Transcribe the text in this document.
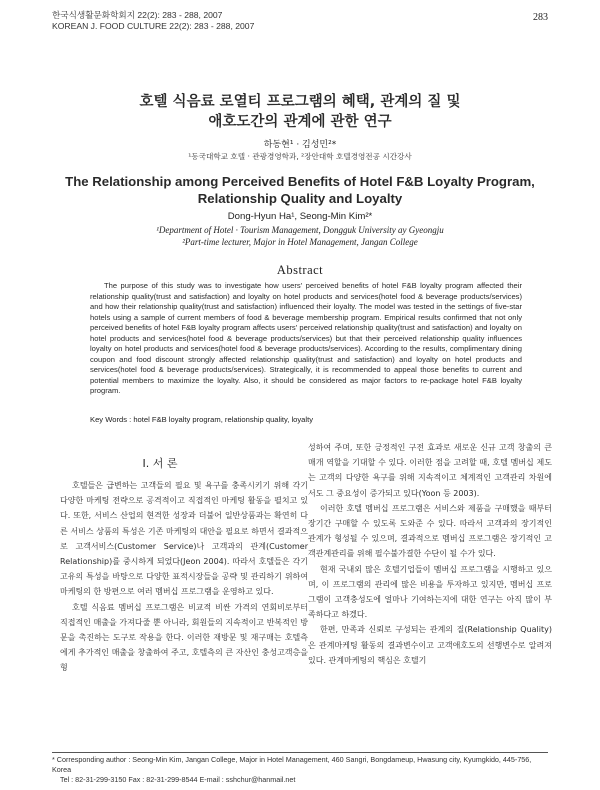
한국식생활문화학회지 22(2): 283 - 288, 2007
KOREAN J. FOOD CULTURE 22(2): 283 - 288, 2007
283
호텔 식음료 로열티 프로그램의 혜택, 관계의 질 및
애호도간의 관계에 관한 연구
하동현¹ · 김성민²*
¹동국대학교 호텔 · 관광경영학과, ²장안대학 호텔경영전공 시간강사
The Relationship among Perceived Benefits of Hotel F&B Loyalty Program,
Relationship Quality and Loyalty
Dong-Hyun Ha¹, Seong-Min Kim²*
¹Department of Hotel · Tourism Management, Dongguk University ay Gyeongju
²Part-time lecturer, Major in Hotel Management, Jangan College
Abstract

The purpose of this study was to investigate how users' perceived benefits of hotel F&B loyalty program affected their relationship quality(trust and satisfaction) and loyalty on hotel products and services(hotel food & beverage products/services) and how their relationship quality(trust and satisfaction) influenced their loyalty. The model was tested in the settings of five-star hotels using a sample of current members of food & beverage membership program. Empirical results confirmed that not only perceived benefits of hotel F&B loyalty program affects users' perceived relationship quality(trust and satisfaction) and loyalty on hotel products and services(hotel food & beverage products/services) but that their perceived relationship quality influences loyalty on hotel products and services(hotel food & beverage products/services). According to the results, complimentary dining coupon and food discount strongly affected relationship quality(trust and satisfaction) and loyalty on hotel products and services(hotel food & beverage products/services). Strategically, it is recommended to appeal those benefits to current and potential members to maximize the loyalty. Also, it should be considered as major factors to re-package hotel F&B loyalty program.

Key Words : hotel F&B loyalty program, relationship quality, loyalty
Ⅰ. 서 론

호텔들은 급변하는 고객들의 필요 및 욕구를 충족시키기 위해 각기 다양한 마케팅 전략으로 공격적이고 직접적인 마케팅 활동을 펼치고 있다. 또한, 서비스 산업의 현격한 성장과 더불어 일반상품과는 확연히 다른 서비스 상품의 특성은 기존 마케팅의 대안을 필요로 하면서 결과적으로 고객서비스(Customer Service)나 고객과의 관계(Customer Relationship)를 중시하게 되었다(Jeon 2004). 따라서 호텔들은 각기 고유의 특성을 바탕으로 다양한 표적시장들을 공략 및 관리하기 위하여 마케팅의 한 방편으로 여러 멤버십 프로그램을 운영하고 있다.

호텔 식음료 멤버십 프로그램은 비교적 비싼 가격의 연회비로부터 직접적인 매출을 가져다줄 뿐 아니라, 회원들의 지속적이고 반복적인 방문을 촉진하는 도구로 작용을 한다. 이러한 재방문 및 재구매는 호텔측에게 추가적인 매출을 창출하여 주고, 호텔측의 큰 자산인 충성고객층을 형

성하여 주며, 또한 긍정적인 구전 효과로 새로운 신규 고객 창출의 큰 매개 역할을 기대할 수 있다. 이러한 점을 고려할 때, 호텔 멤버십 제도는 고객의 다양한 욕구를 위해 지속적이고 체계적인 고객관리 차원에서도 그 중요성이 증가되고 있다(Yoon 등 2003).

이러한 호텔 멤버십 프로그램은 서비스와 제품을 구매했을 때부터 장기간 구매할 수 있도록 도와준 수 있다. 따라서 고객과의 장기적인 관계가 형성될 수 있으며, 결과적으로 멤버십 프로그램은 장기적인 고객관계관리를 위해 필수불가결한 수단이 될 수가 있다.

현재 국내외 많은 호텔기업들이 멤버십 프로그램을 시행하고 있으며, 이 프로그램의 관리에 많은 비용을 투자하고 있지만, 멤버십 프로그램이 고객충성도에 얼마나 기여하는지에 대한 연구는 아직 많이 부족하다고 하겠다.

한편, 만족과 신뢰로 구성되는 관계의 질(Relationship Quality)은 관계마케팅 활동의 결과변수이고 고객애호도의 선행변수로 알려져 있다. 관계마케팅의 핵심은 호텔기

* Corresponding author : Seong-Min Kim, Jangan College, Major in Hotel Management, 460 Sangri, Bongdameup, Hwasung city, Kyumgkido, 445-756, Korea
Tel : 82-31-299-3150 Fax : 82-31-299-8544 E-mail : sshchur@hanmail.net
